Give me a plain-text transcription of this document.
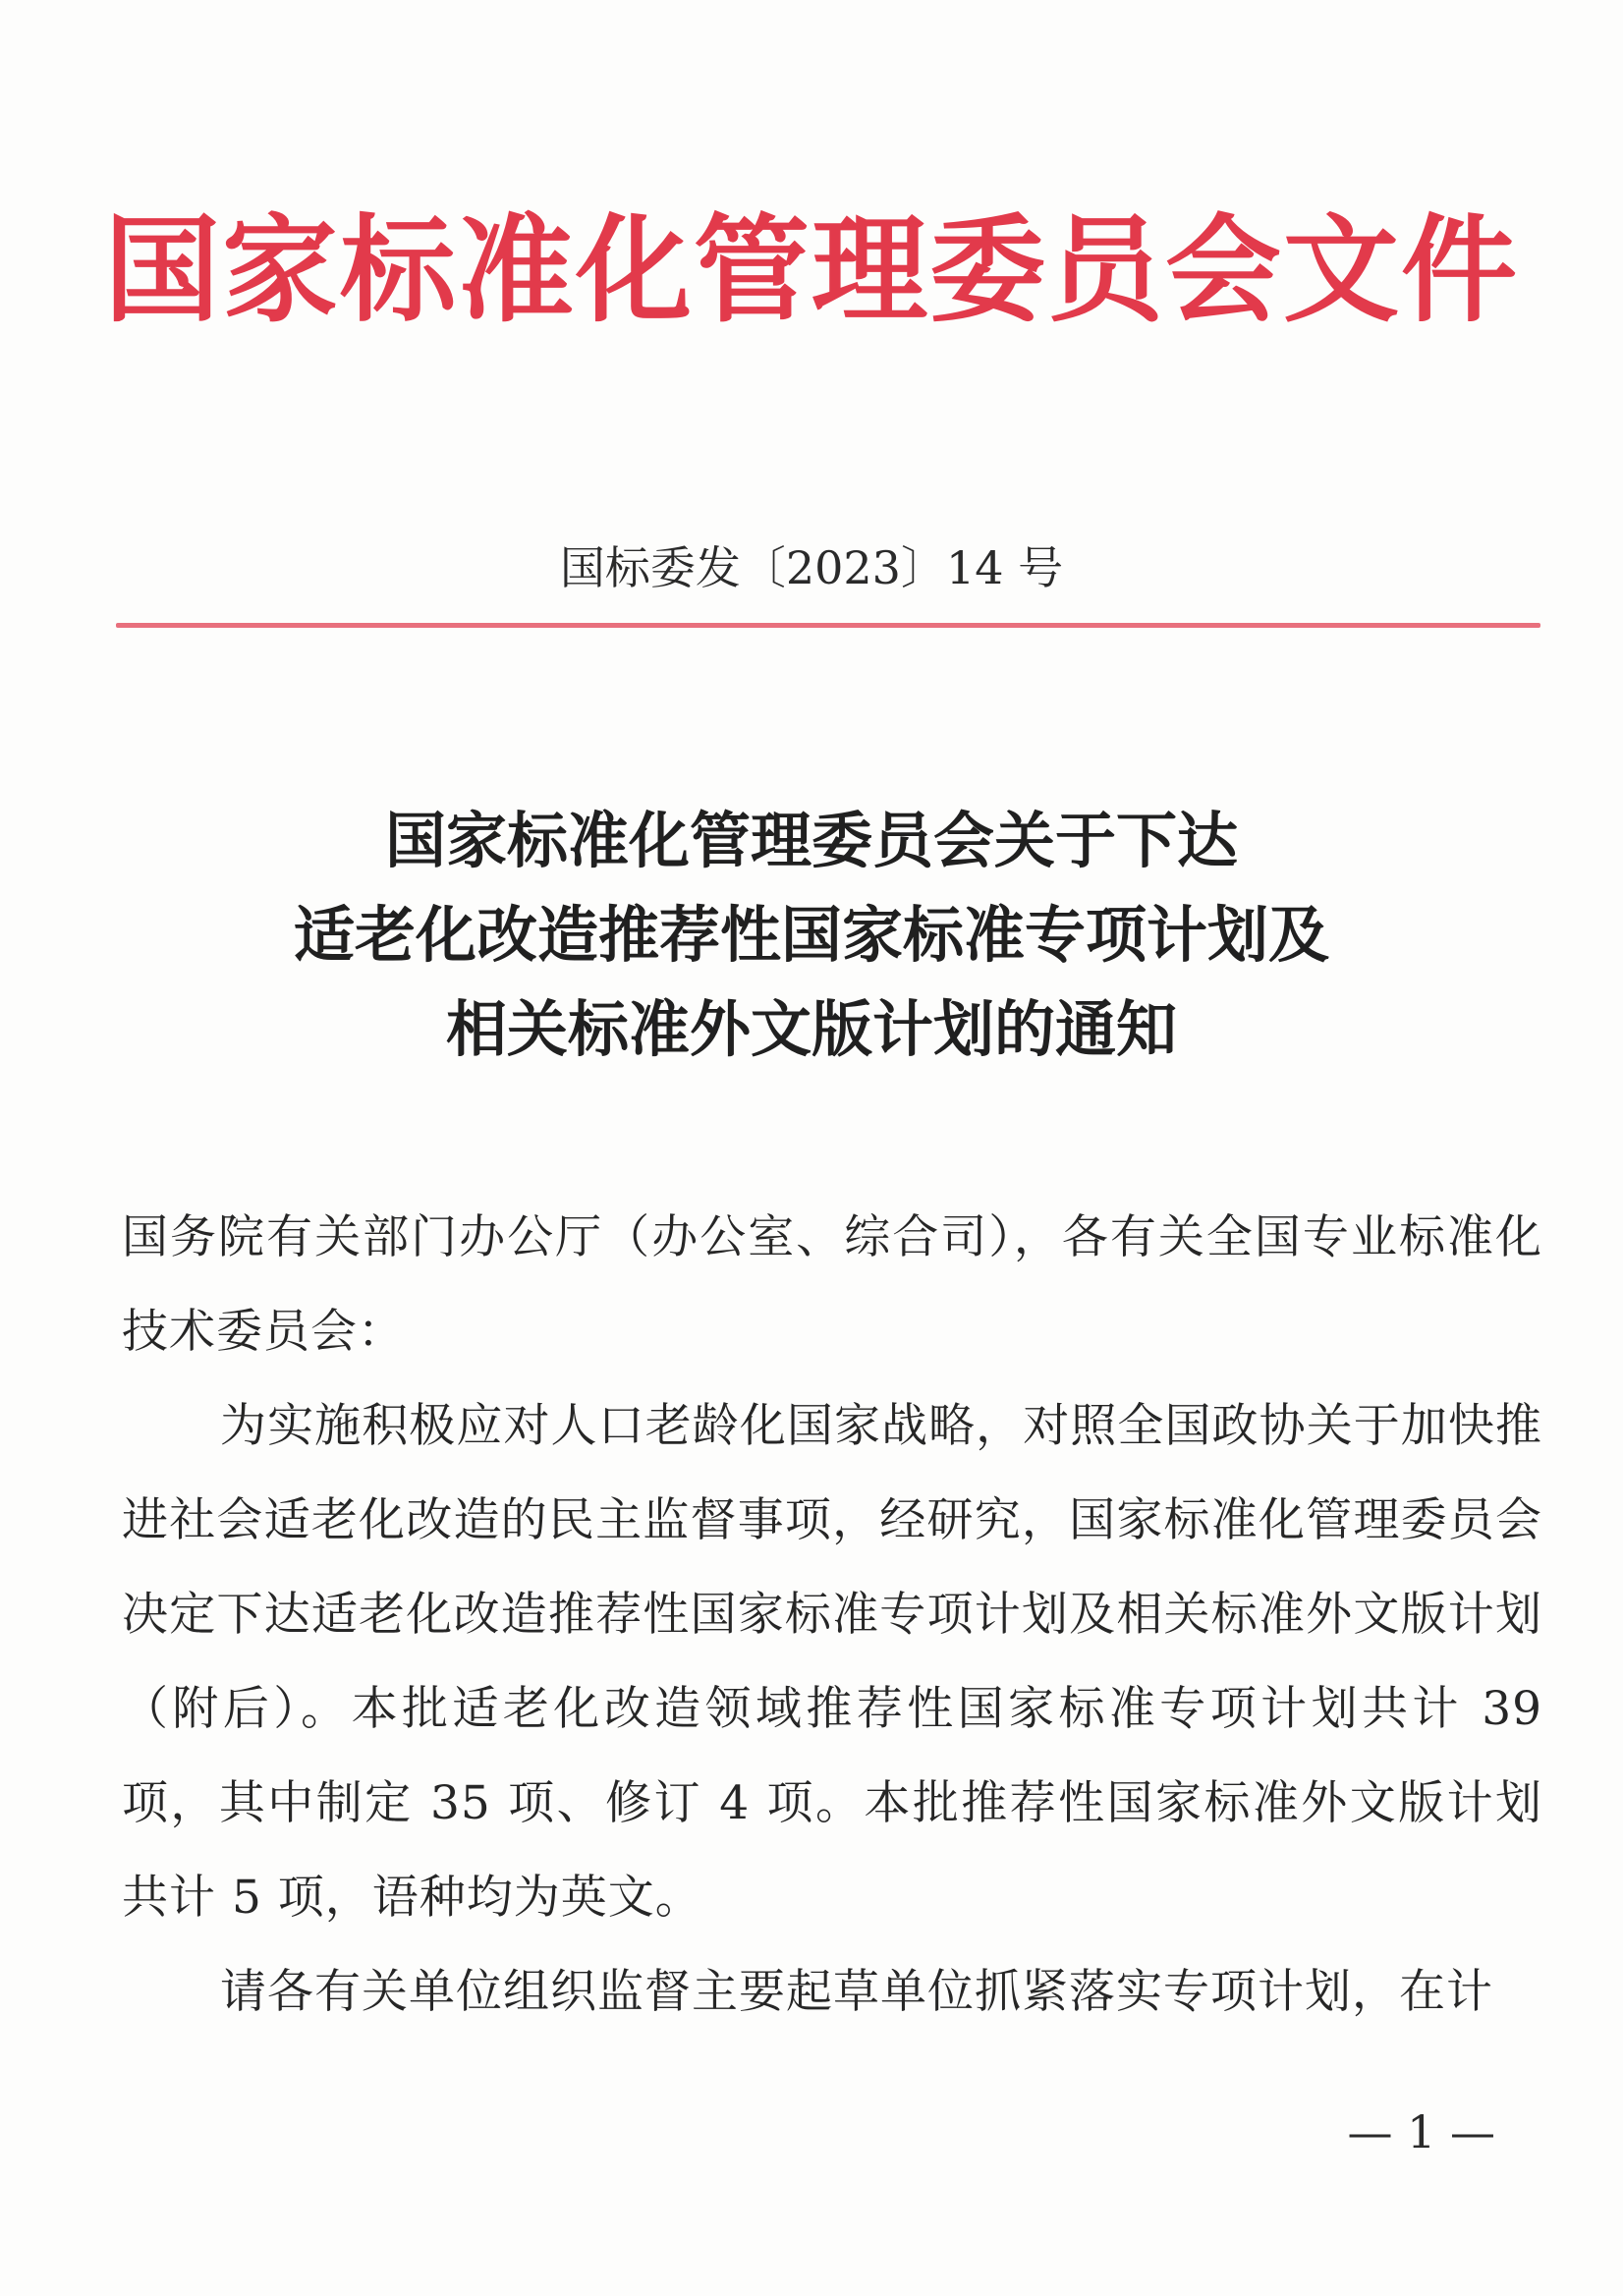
国家标准化管理委员会文件
国标委发〔2023〕14 号
国家标准化管理委员会关于下达
适老化改造推荐性国家标准专项计划及
相关标准外文版计划的通知

国务院有关部门办公厅（办公室、综合司），各有关全国专业标准化技术委员会：

为实施积极应对人口老龄化国家战略，对照全国政协关于加快推进社会适老化改造的民主监督事项，经研究，国家标准化管理委员会决定下达适老化改造推荐性国家标准专项计划及相关标准外文版计划（附后）。本批适老化改造领域推荐性国家标准专项计划共计 39 项，其中制定 35 项、修订 4 项。本批推荐性国家标准外文版计划共计 5 项，语种均为英文。

请各有关单位组织监督主要起草单位抓紧落实专项计划，在计

— 1 —
